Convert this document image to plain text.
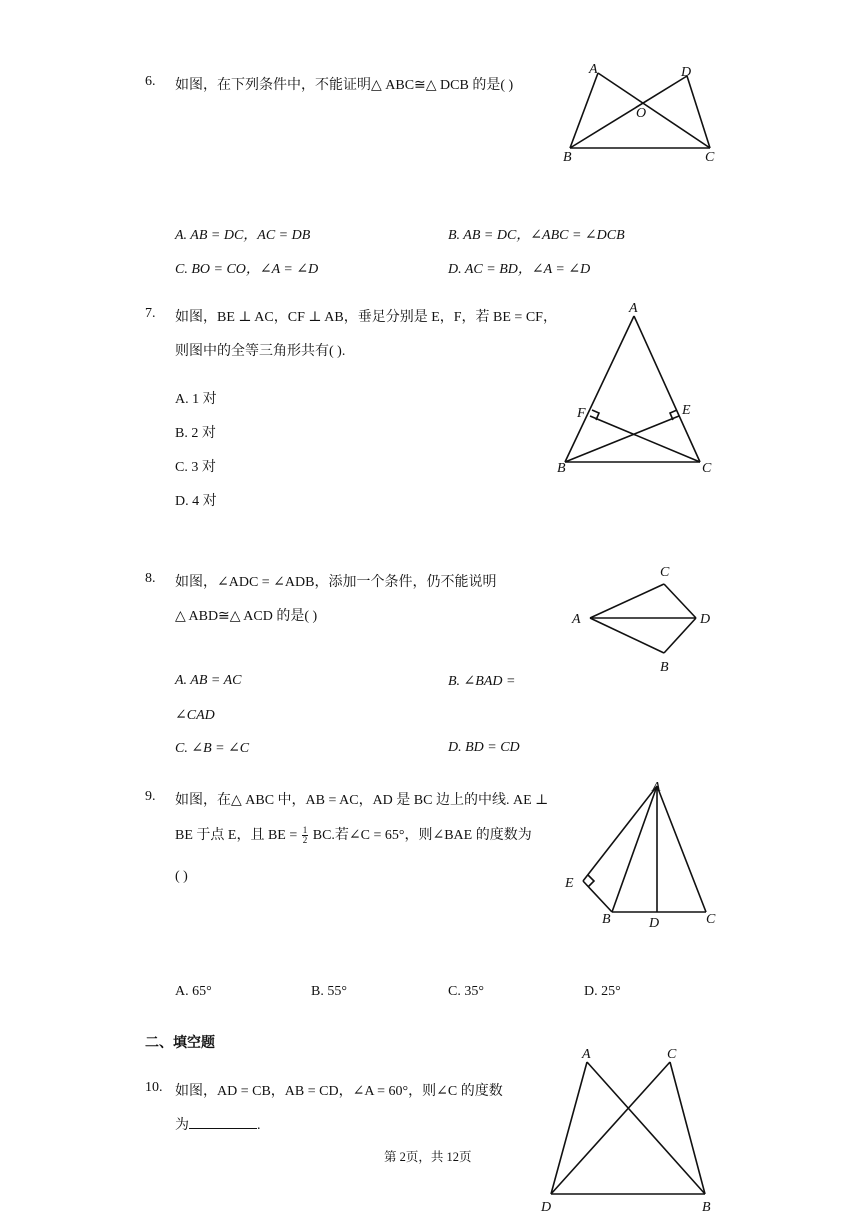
6. 如图，在下列条件中，不能证明△ ABC≅△ DCB 的是( )
A	D
O
B	C
A. AB = DC，AC = DB	B. AB = DC，∠ABC = ∠DCB
C. BO = CO，∠A = ∠D	D. AC = BD，∠A = ∠D
7. 如图，BE ⊥ AC，CF ⊥ AB，垂足分别是 E，F，若 BE = CF，
则图中的全等三角形共有( ).
A. 1 对
B. 2 对
C. 3 对
D. 4 对
A
F	E
B	C
8. 如图，∠ADC = ∠ADB，添加一个条件，仍不能说明
△ ABD≅△ ACD 的是( )
C
A	D
B
A. AB = AC	B. ∠BAD =
∠CAD
C. ∠B = ∠C	D. BD = CD
9. 如图，在△ ABC 中，AB = AC，AD 是 BC 边上的中线. AE ⊥
BE 于点 E，且 BE = $\frac{1}{2}$ BC.若∠C = 65°，则∠BAE 的度数为
( )
A
E
B	D	C
A. 65°	B. 55°	C. 35°	D. 25°
二、填空题
10. 如图，AD = CB，AB = CD，∠A = 60°，则∠C 的度数
为	.
A	C
D	B
第 2页，共 12页
